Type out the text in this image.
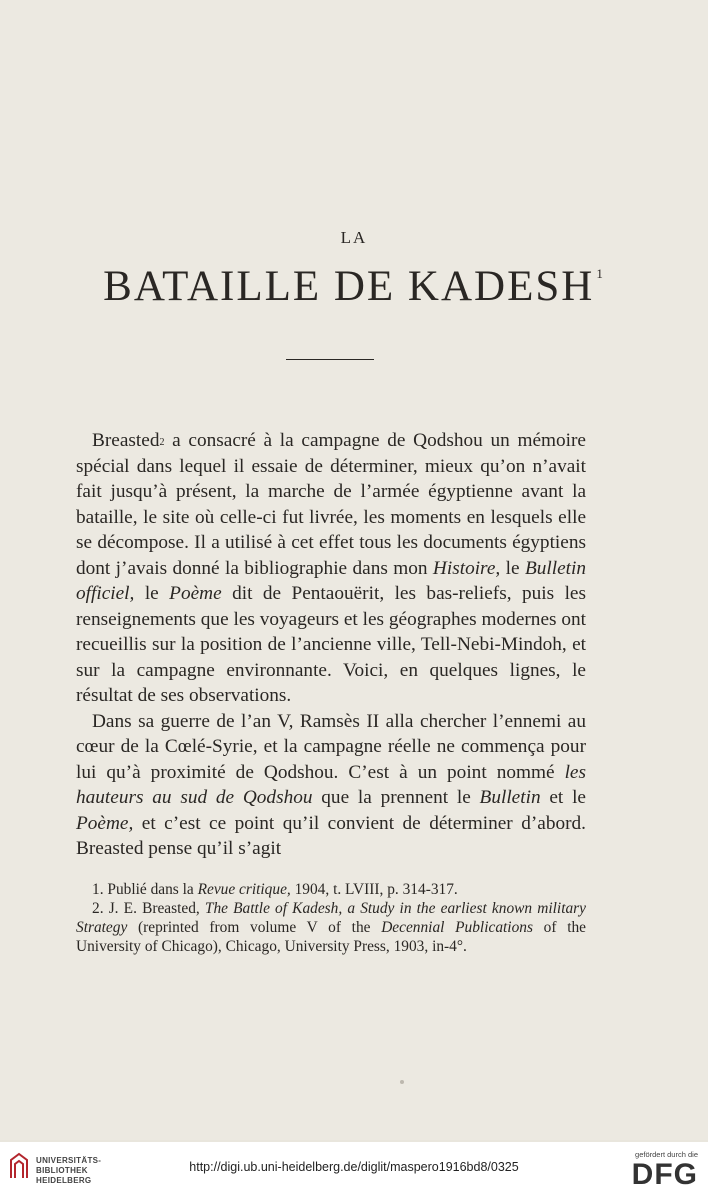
LA
BATAILLE DE KADESH $^1$

Breasted$^2$ a consacré à la campagne de Qodshou un mémoire spécial dans lequel il essaie de déterminer, mieux qu’on n’avait fait jusqu’à présent, la marche de l’armée égyptienne avant la bataille, le site où celle-ci fut livrée, les moments en lesquels elle se décompose. Il a utilisé à cet effet tous les documents égyptiens dont j’avais donné la bibliographie dans mon Histoire, le Bulletin officiel, le Poème dit de Pentaouërit, les bas-reliefs, puis les renseignements que les voyageurs et les géographes modernes ont recueillis sur la position de l’ancienne ville, Tell-Nebi-Mindoh, et sur la campagne environnante. Voici, en quelques lignes, le résultat de ses observations.

Dans sa guerre de l’an V, Ramsès II alla chercher l’ennemi au cœur de la Cœlé-Syrie, et la campagne réelle ne commença pour lui qu’à proximité de Qodshou. C’est à un point nommé les hauteurs au sud de Qodshou que la prennent le Bulletin et le Poème, et c’est ce point qu’il convient de déterminer d’abord. Breasted pense qu’il s’agit

1. Publié dans la Revue critique, 1904, t. LVIII, p. 314-317.

2. J. E. Breasted, The Battle of Kadesh, a Study in the earliest known military Strategy (reprinted from volume V of the Decennial Publications of the University of Chicago), Chicago, University Press, 1903, in-4°.

UNIVERSITÄTS-
BIBLIOTHEK
HEIDELBERG
http://digi.ub.uni-heidelberg.de/diglit/maspero1916bd8/0325
gefördert durch die
DFG
